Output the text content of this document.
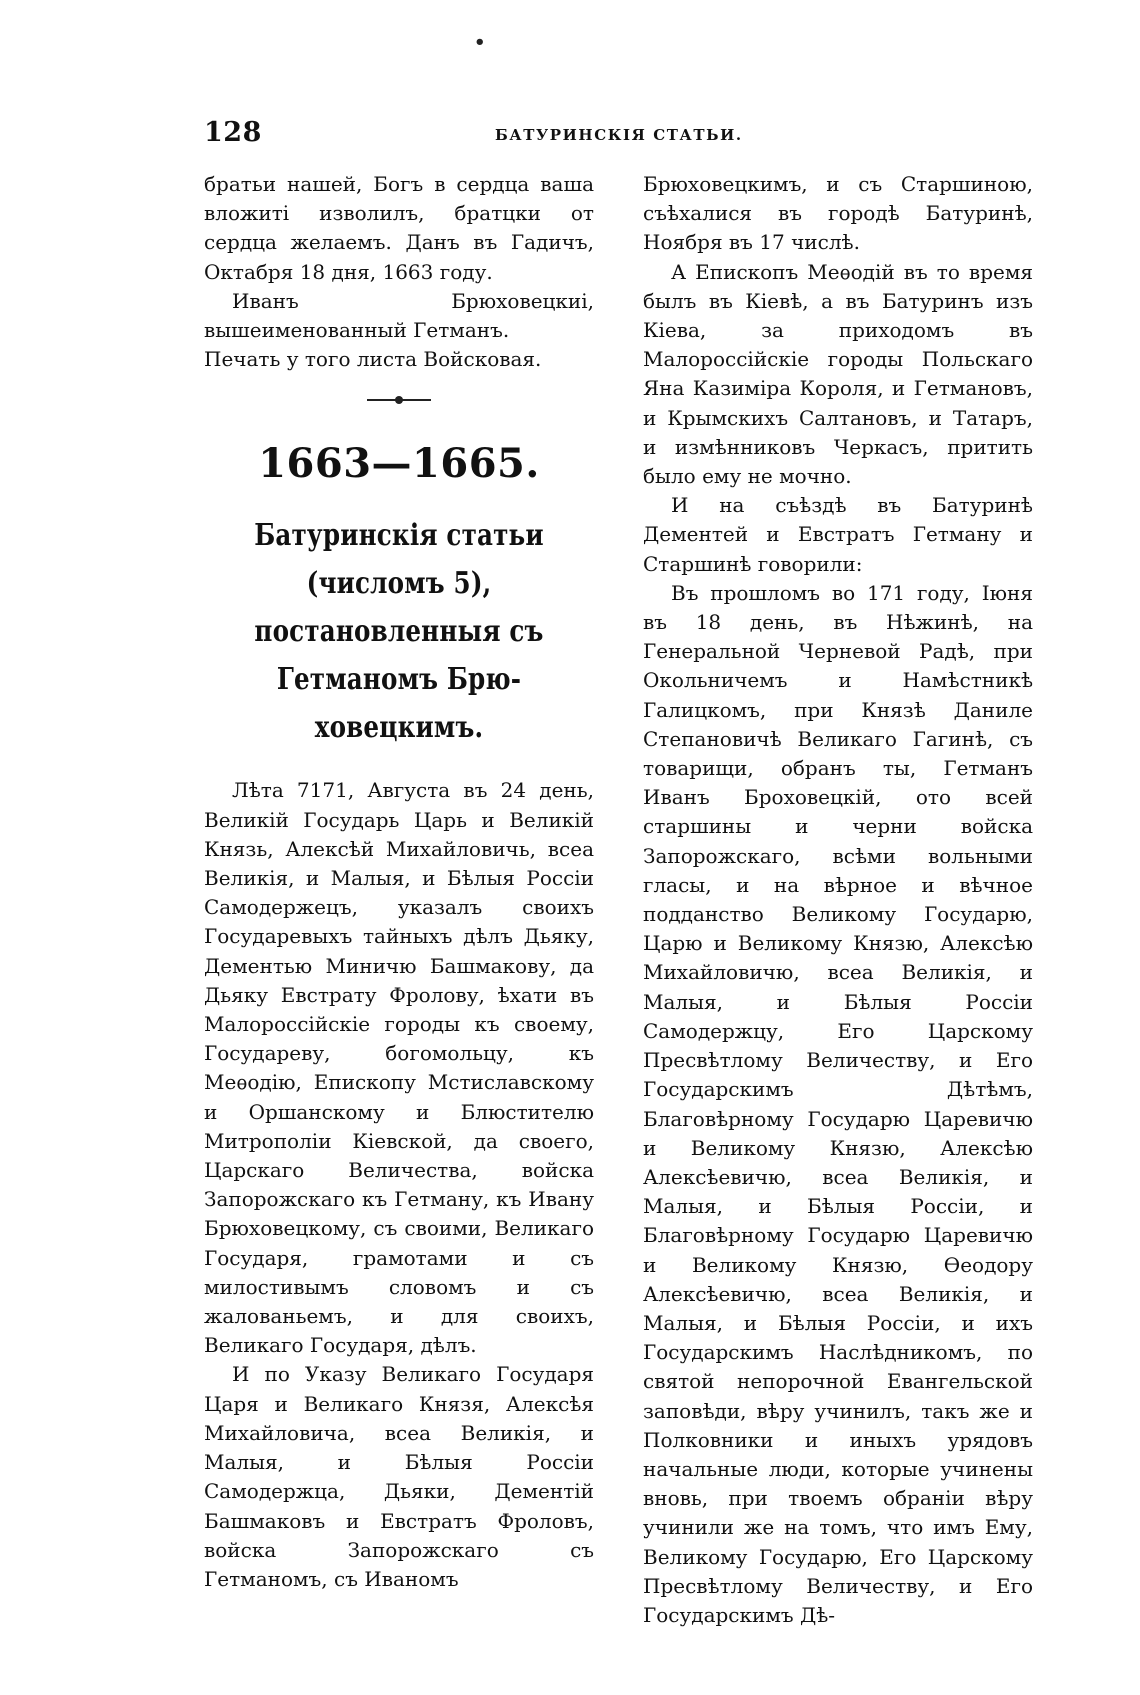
•
128	БАТУРИНСКІЯ СТАТЬИ.

братьи нашей, Богъ в сердца ваша вложиті изволилъ, братцки от сердца желаемъ. Данъ въ Гадичъ, Октабря 18 дня, 1663 году.

Иванъ Брюховецкиі, вышеименованный Гетманъ.

Печать у того листа Войсковая.

1663—1665.
Батуринскія статьи (числомъ 5),
постановленныя съ Гетманомъ Брю-
ховецкимъ.

Лѣта 7171, Августа въ 24 день, Великій Государь Царь и Великій Князь, Алексѣй Михайловичь, всеа Великія, и Малыя, и Бѣлыя Россіи Самодержецъ, указалъ своихъ Государевыхъ тайныхъ дѣлъ Дьяку, Дементью Миничю Башмакову, да Дьяку Евстрату Фролову, ѣхати въ Малороссійскіе городы къ своему, Государеву, богомольцу, къ Меѳодію, Епископу Мстиславскому и Оршанскому и Блюстителю Митрополіи Кіевской, да своего, Царскаго Величества, войска Запорожскаго къ Гетману, къ Ивану Брюховецкому, съ своими, Великаго Государя, грамотами и съ милостивымъ словомъ и съ жалованьемъ, и для своихъ, Великаго Государя, дѣлъ.

И по Указу Великаго Государя Царя и Великаго Князя, Алексѣя Михайловича, всеа Великія, и Малыя, и Бѣлыя Россіи Самодержца, Дьяки, Дементій Башмаковъ и Евстратъ Фроловъ, войска Запорожскаго съ Гетманомъ, съ Иваномъ

Брюховецкимъ, и съ Старшиною, съѣхалися въ городѣ Батуринѣ, Ноября въ 17 числѣ.

А Епископъ Меѳодій въ то время былъ въ Кіевѣ, а въ Батуринъ изъ Кіева, за приходомъ въ Малороссійскіе городы Польскаго Яна Казиміра Короля, и Гетмановъ, и Крымскихъ Салтановъ, и Татаръ, и измѣнниковъ Черкасъ, притить было ему не мочно.

И на съѣздѣ въ Батуринѣ Дементей и Евстратъ Гетману и Старшинѣ говорили:

Въ прошломъ во 171 году, Іюня въ 18 день, въ Нѣжинѣ, на Генеральной Черневой Радѣ, при Окольничемъ и Намѣстникѣ Галицкомъ, при Князѣ Даниле Степановичѣ Великаго Гагинѣ, съ товарищи, обранъ ты, Гетманъ Иванъ Броховецкій, ото всей старшины и черни войска Запорожскаго, всѣми вольными гласы, и на вѣрное и вѣчное подданство Великому Государю, Царю и Великому Князю, Алексѣю Михайловичю, всеа Великія, и Малыя, и Бѣлыя Россіи Самодержцу, Его Царскому Пресвѣтлому Величеству, и Его Государскимъ Дѣтѣмъ, Благовѣрному Государю Царевичю и Великому Князю, Алексѣю Алексѣевичю, всеа Великія, и Малыя, и Бѣлыя Россіи, и Благовѣрному Государю Царевичю и Великому Князю, Ѳеодору Алексѣевичю, всеа Великія, и Малыя, и Бѣлыя Россіи, и ихъ Государскимъ Наслѣдникомъ, по святой непорочной Евангельской заповѣди, вѣру учинилъ, такъ же и Полковники и иныхъ урядовъ начальные люди, которые учинены вновь, при твоемъ обраніи вѣру учинили же на томъ, что имъ Ему, Великому Государю, Его Царскому Пресвѣтлому Величеству, и Его Государскимъ Дѣ-
